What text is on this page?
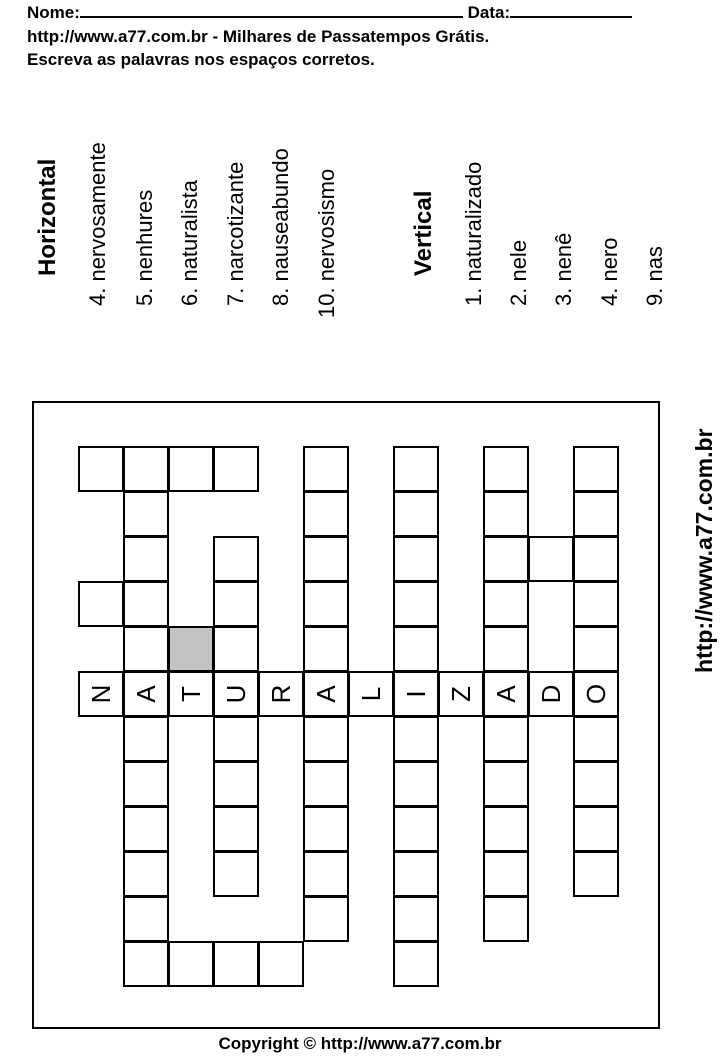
Nome:	Data:
http://www.a77.com.br - Milhares de Passatempos Grátis.
Escreva as palavras nos espaços corretos.
Horizontal 4. nervosamente 5. nenhures 6. naturalista 7. narcotizante 8. nauseabundo 10. nervosismo	Vertical 1. naturalizado 2. nele 3. nenê 4. nero 9. nas
http://www.a77.com.br
N A T U R A L I Z A D O
Copyright © http://www.a77.com.br
